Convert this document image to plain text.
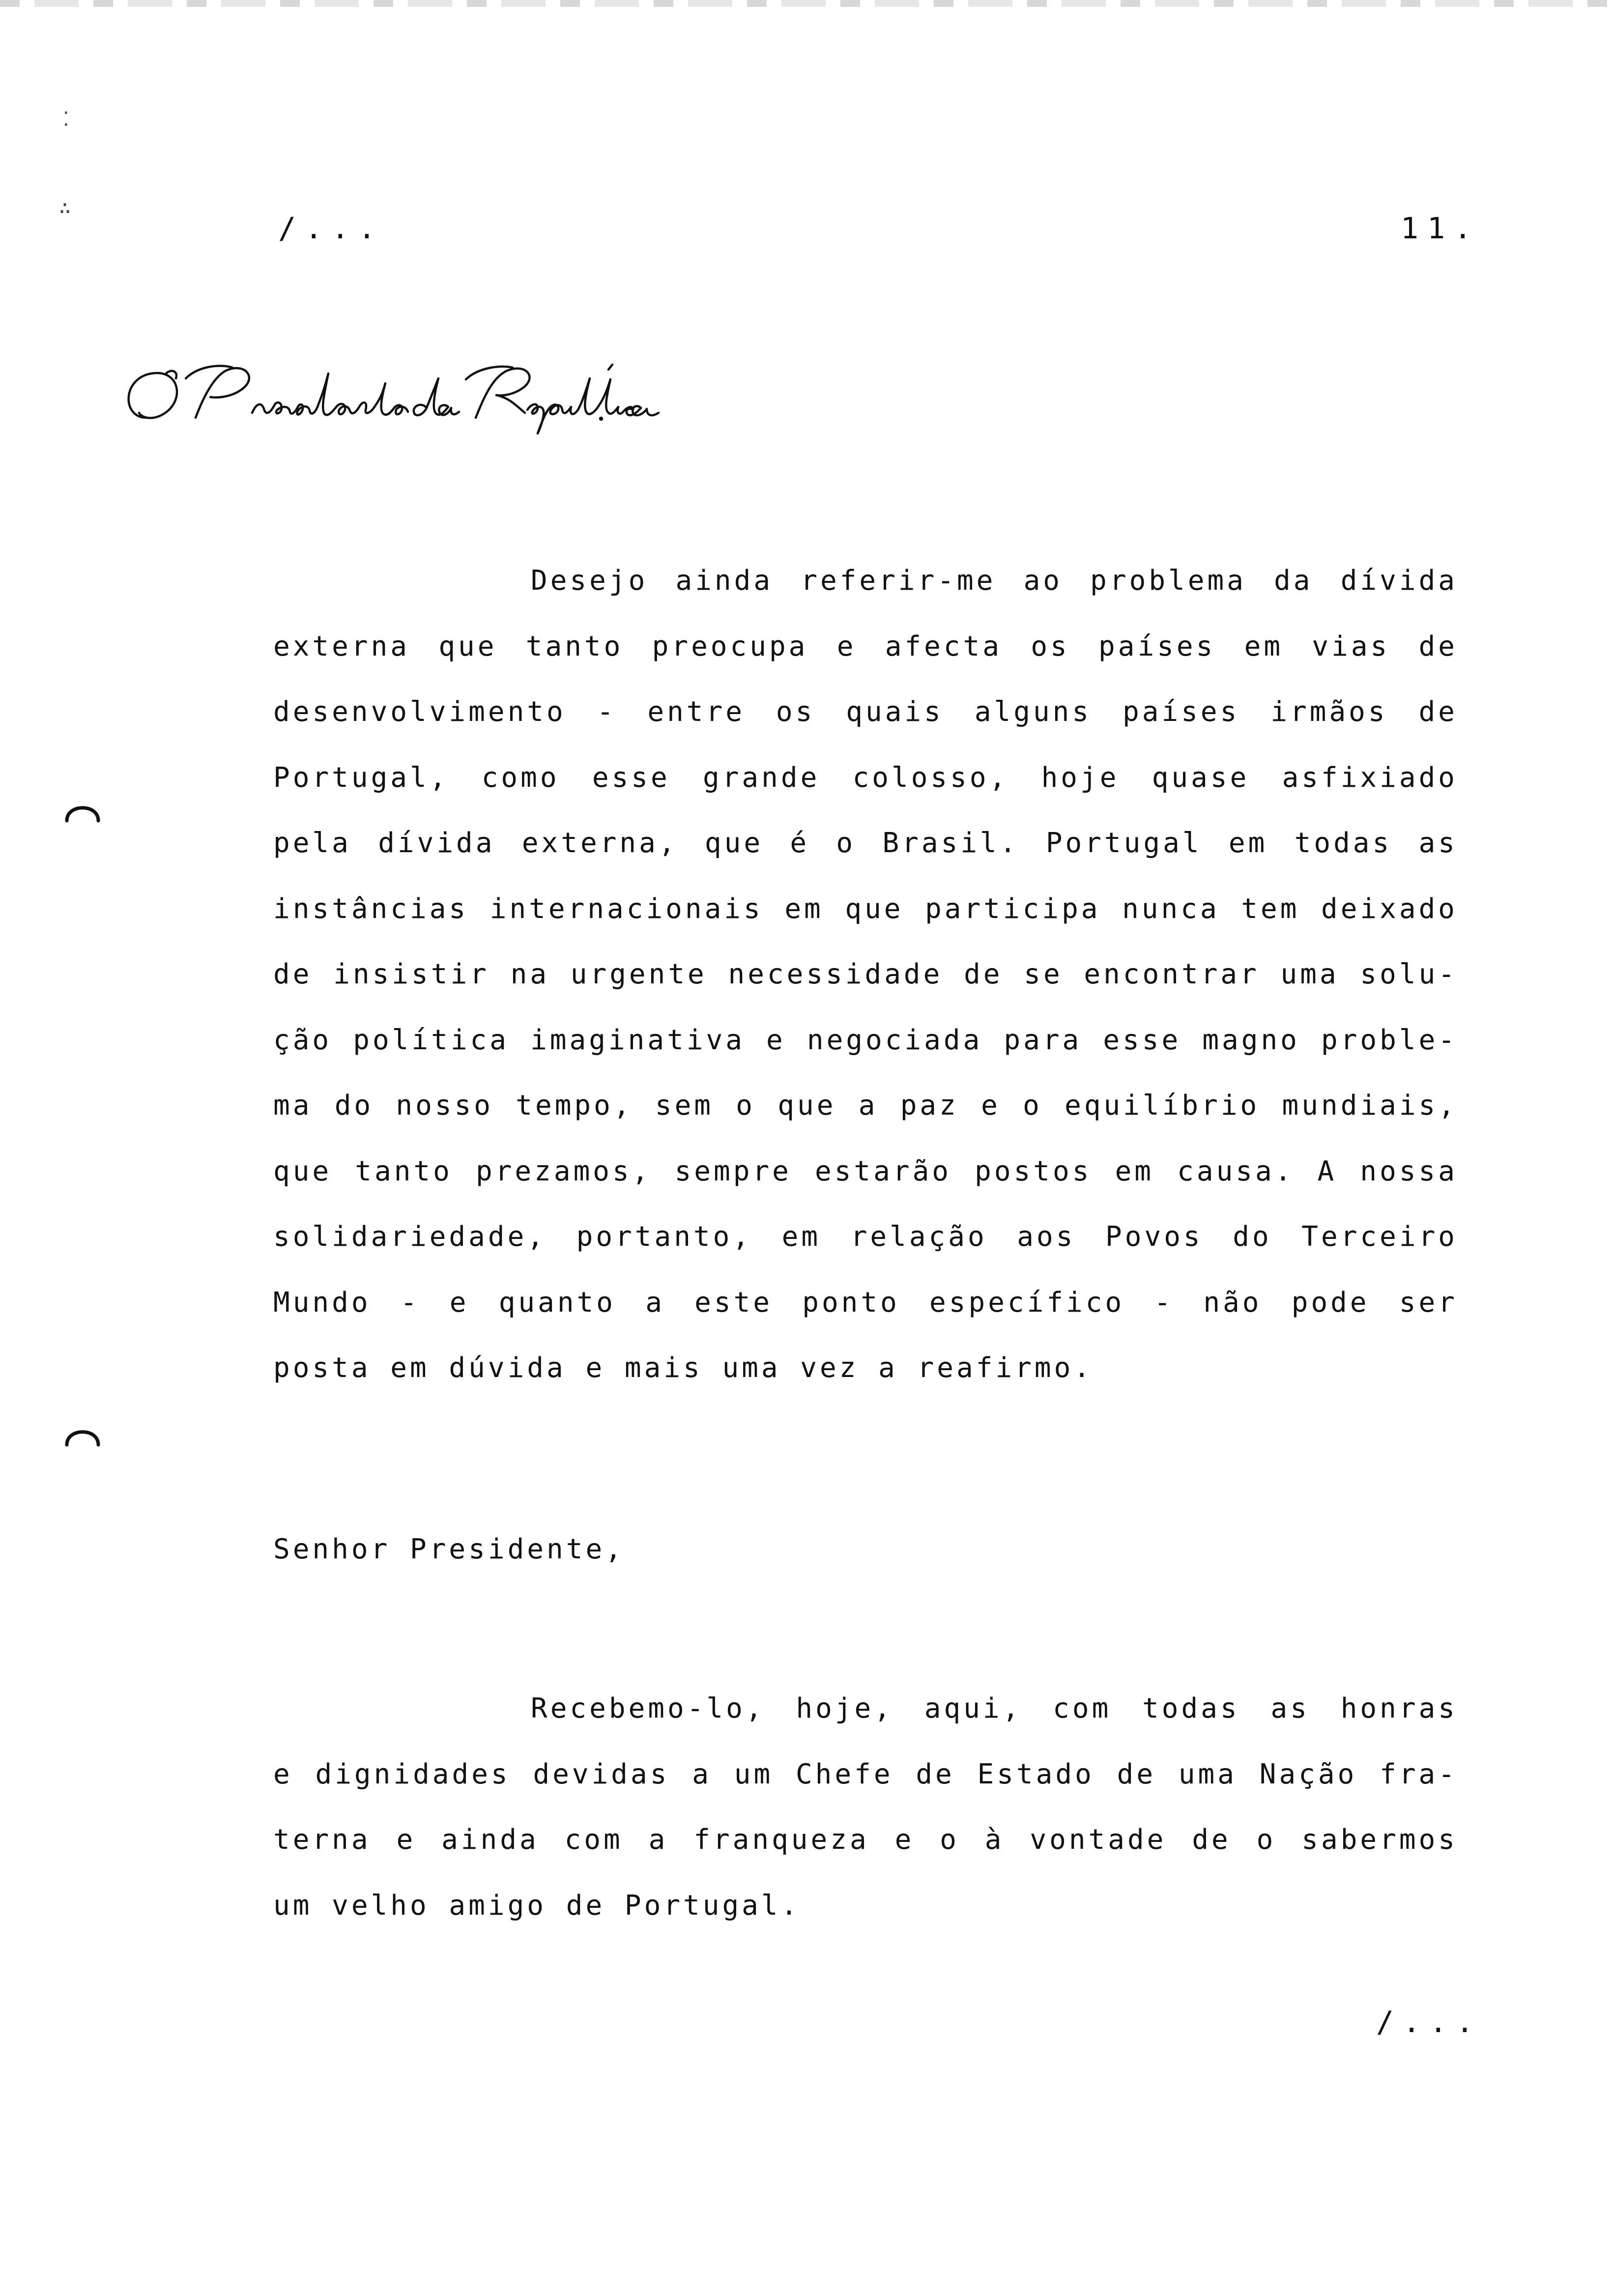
⁚
∴
/...	11.
Desejo ainda referir-me ao problema da dívida
externa que tanto preocupa e afecta os países em vias de
desenvolvimento - entre os quais alguns países irmãos de
Portugal, como esse grande colosso, hoje quase asfixiado
pela dívida externa, que é o Brasil. Portugal em todas as
instâncias internacionais em que participa nunca tem deixado
de insistir na urgente necessidade de se encontrar uma solu-
ção política imaginativa e negociada para esse magno proble-
ma do nosso tempo, sem o que a paz e o equilíbrio mundiais,
que tanto prezamos, sempre estarão postos em causa. A nossa
solidariedade, portanto, em relação aos Povos do Terceiro
Mundo - e quanto a este ponto específico - não pode ser
posta em dúvida e mais uma vez a reafirmo.
Senhor Presidente,
Recebemo-lo, hoje, aqui, com todas as honras
e dignidades devidas a um Chefe de Estado de uma Nação fra-
terna e ainda com a franqueza e o à vontade de o sabermos
um velho amigo de Portugal.
/...
